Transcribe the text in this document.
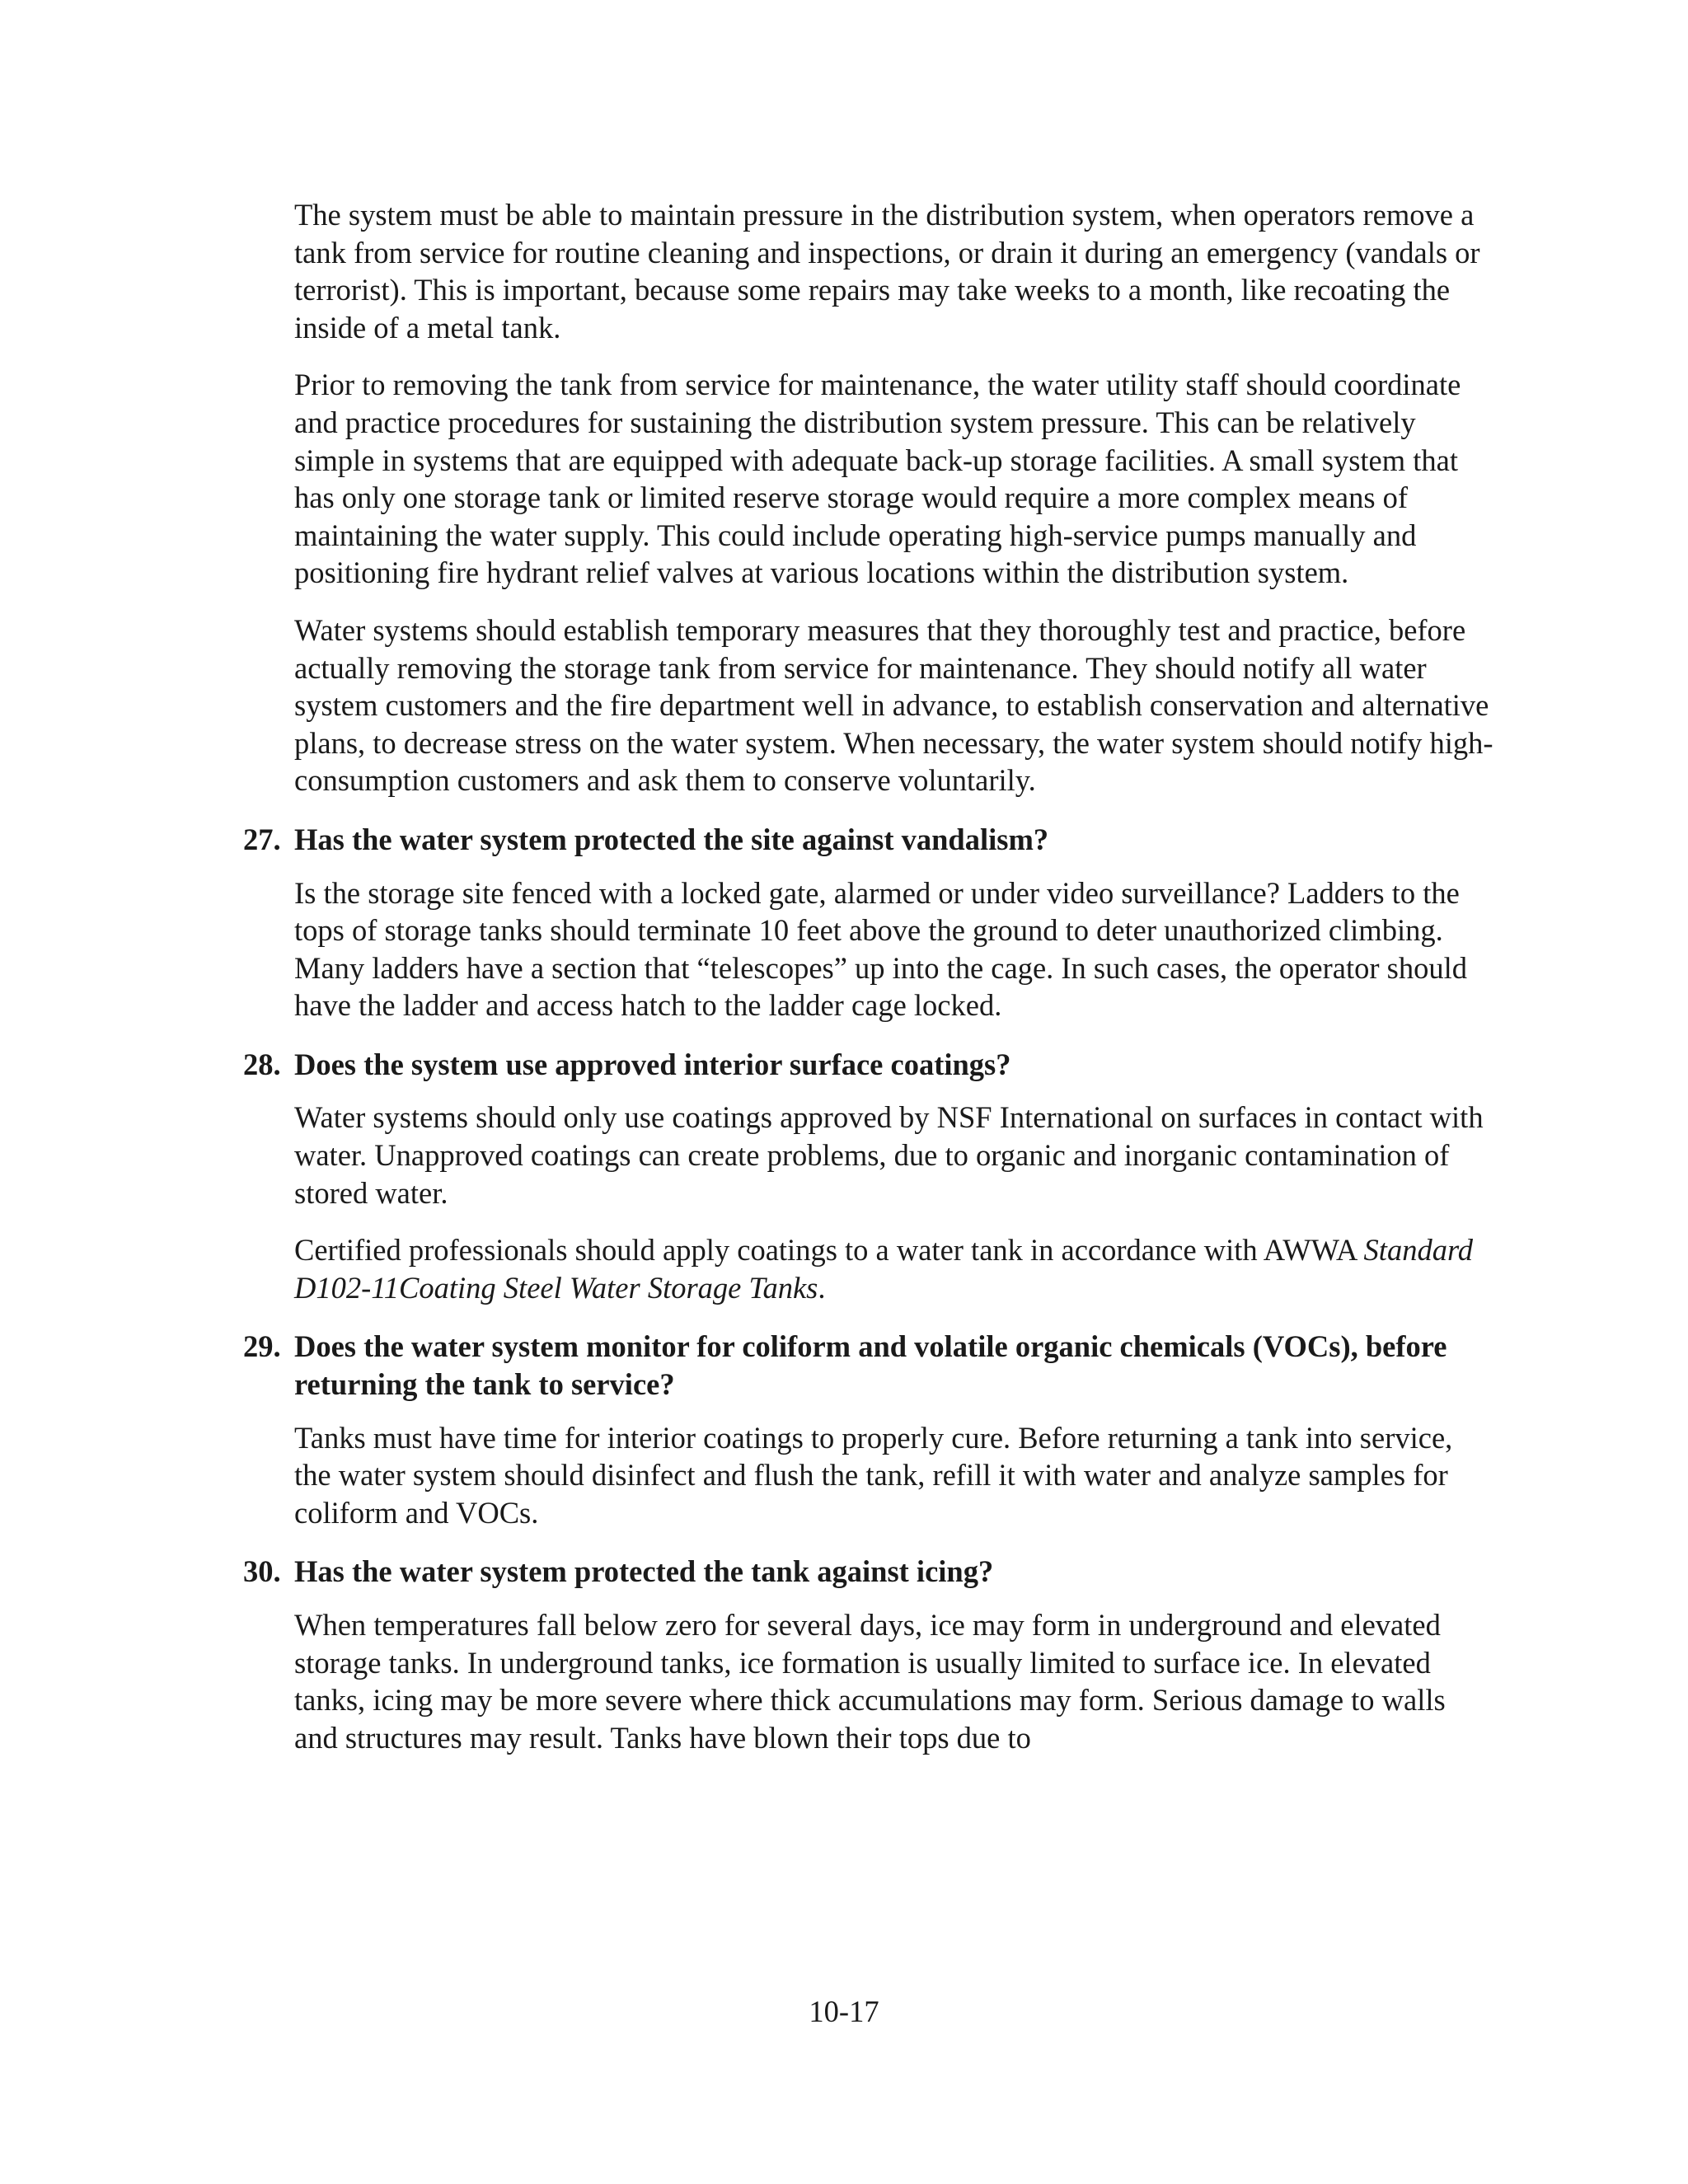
The system must be able to maintain pressure in the distribution system, when operators remove a tank from service for routine cleaning and inspections, or drain it during an emergency (vandals or terrorist). This is important, because some repairs may take weeks to a month, like recoating the inside of a metal tank.

Prior to removing the tank from service for maintenance, the water utility staff should coordinate and practice procedures for sustaining the distribution system pressure. This can be relatively simple in systems that are equipped with adequate back-up storage facilities. A small system that has only one storage tank or limited reserve storage would require a more complex means of maintaining the water supply. This could include operating high-service pumps manually and positioning fire hydrant relief valves at various locations within the distribution system.

Water systems should establish temporary measures that they thoroughly test and practice, before actually removing the storage tank from service for maintenance. They should notify all water system customers and the fire department well in advance, to establish conservation and alternative plans, to decrease stress on the water system. When necessary, the water system should notify high-consumption customers and ask them to conserve voluntarily.

27. Has the water system protected the site against vandalism?

Is the storage site fenced with a locked gate, alarmed or under video surveillance? Ladders to the tops of storage tanks should terminate 10 feet above the ground to deter unauthorized climbing. Many ladders have a section that “telescopes” up into the cage. In such cases, the operator should have the ladder and access hatch to the ladder cage locked.

28. Does the system use approved interior surface coatings?

Water systems should only use coatings approved by NSF International on surfaces in contact with water. Unapproved coatings can create problems, due to organic and inorganic contamination of stored water.

Certified professionals should apply coatings to a water tank in accordance with AWWA Standard D102-11Coating Steel Water Storage Tanks.

29. Does the water system monitor for coliform and volatile organic chemicals (VOCs), before returning the tank to service?

Tanks must have time for interior coatings to properly cure. Before returning a tank into service, the water system should disinfect and flush the tank, refill it with water and analyze samples for coliform and VOCs.

30. Has the water system protected the tank against icing?

When temperatures fall below zero for several days, ice may form in underground and elevated storage tanks. In underground tanks, ice formation is usually limited to surface ice. In elevated tanks, icing may be more severe where thick accumulations may form. Serious damage to walls and structures may result. Tanks have blown their tops due to

10-17
